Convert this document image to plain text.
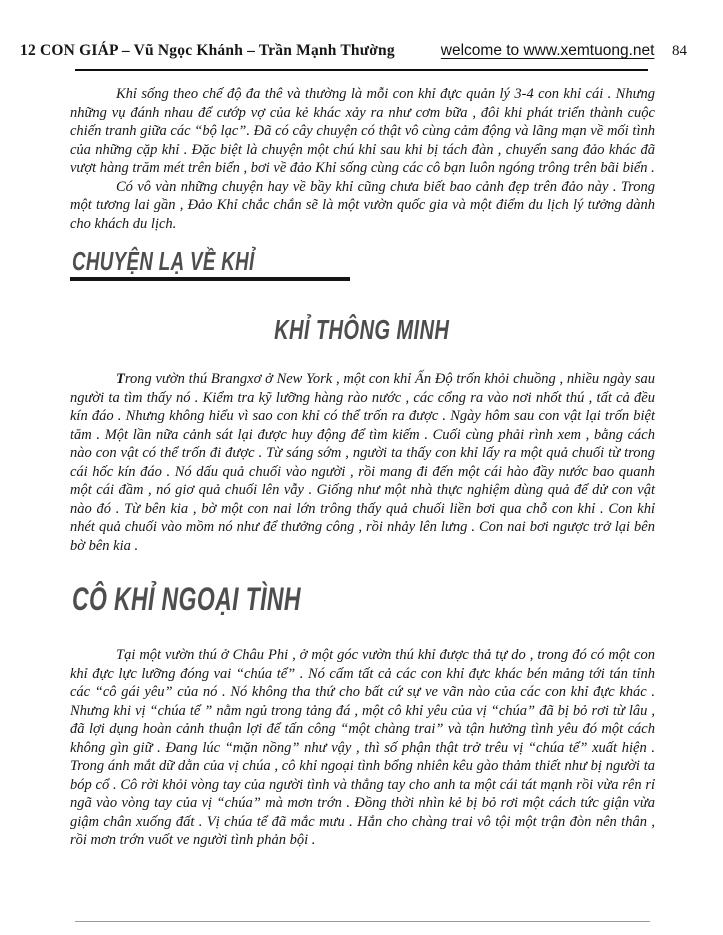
12 CON GIÁP – Vũ Ngọc Khánh – Trần Mạnh Thường	welcome to www.xemtuong.net 84

Khỉ sống theo chế độ đa thê và thường là mỗi con khỉ đực quản lý 3-4 con khỉ cái . Nhưng những vụ đánh nhau để cướp vợ của kẻ khác xảy ra như cơm bữa , đôi khi phát triển thành cuộc chiến tranh giữa các “bộ lạc”. Đã có cây chuyện có thật vô cùng cảm động và lãng mạn về mối tình của những cặp khỉ . Đặc biệt là chuyện một chú khỉ sau khi bị tách đàn , chuyển sang đảo khác đã vượt hàng trăm mét trên biển , bơi về đảo Khỉ sống cùng các cô bạn luôn ngóng trông trên bãi biển .

Có vô vàn những chuyện hay về bầy khỉ cũng chưa biết bao cảnh đẹp trên đảo này . Trong một tương lai gần , Đảo Khỉ chắc chắn sẽ là một vườn quốc gia và một điểm du lịch lý tưởng dành cho khách du lịch.

CHUYỆN LẠ VỀ KHỈ
KHỈ THÔNG MINH

Trong vườn thú Brangxơ ở New York , một con khỉ Ấn Độ trốn khỏi chuồng , nhiều ngày sau người ta tìm thấy nó . Kiểm tra kỹ lưỡng hàng rào nước , các cổng ra vào nơi nhốt thú , tất cả đều kín đáo . Nhưng không hiểu vì sao con khỉ có thể trốn ra được . Ngày hôm sau con vật lại trốn biệt tăm . Một lần nữa cảnh sát lại được huy động để tìm kiếm . Cuối cùng phải rình xem , bằng cách nào con vật có thể trốn đi được . Từ sáng sớm , người ta thấy con khỉ lấy ra một quả chuối từ trong cái hốc kín đáo . Nó dấu quả chuối vào người , rồi mang đi đến một cái hào đầy nước bao quanh một cái đầm , nó giơ quả chuối lên vẫy . Giống như một nhà thực nghiệm dùng quả để dử con vật nào đó . Từ bên kia , bờ một con nai lớn trông thấy quả chuối liền bơi qua chỗ con khỉ . Con khỉ nhét quả chuối vào mồm nó như để thưởng công , rồi nhảy lên lưng . Con nai bơi ngược trở lại bên bờ bên kia .

CÔ KHỈ NGOẠI TÌNH

Tại một vườn thú ở Châu Phi , ở một góc vườn thú khỉ được thả tự do , trong đó có một con khỉ đực lực lưỡng đóng vai “chúa tể” . Nó cấm tất cả các con khỉ đực khác bén mảng tới tán tỉnh các “cô gái yêu” của nó . Nó không tha thứ cho bất cứ sự ve vãn nào của các con khỉ đực khác . Nhưng khi vị “chúa tể ” nằm ngủ trong tảng đá , một cô khỉ yêu của vị “chúa” đã bị bỏ rơi từ lâu , đã lợi dụng hoàn cảnh thuận lợi để tấn công “một chàng trai” và tận hưởng tình yêu đó một cách không gìn giữ . Đang lúc “mặn nồng” như vậy , thì số phận thật trở trêu vị “chúa tể” xuất hiện . Trong ánh mắt dữ dằn của vị chúa , cô khỉ ngoại tình bổng nhiên kêu gào thảm thiết như bị người ta bóp cổ . Cô rời khỏi vòng tay của người tình và thẳng tay cho anh ta một cái tát mạnh rồi vừa rên rỉ ngã vào vòng tay của vị “chúa” mà mơn trớn . Đồng thời nhìn kẻ bị bỏ rơi một cách tức giận vừa giậm chân xuống đất . Vị chúa tể đã mắc mưu . Hắn cho chàng trai vô tội một trận đòn nên thân , rồi mơn trớn vuốt ve người tình phản bội .
